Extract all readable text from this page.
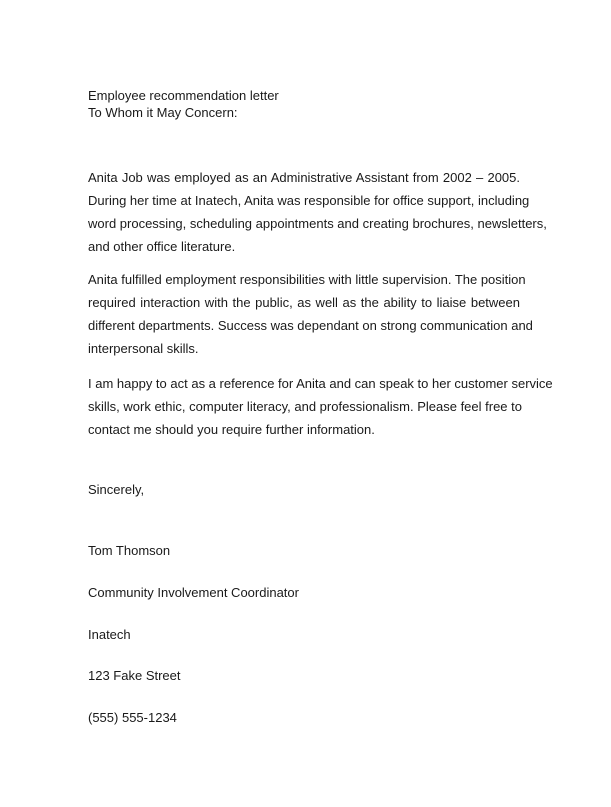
Employee recommendation letter
To Whom it May Concern:
Anita Job was employed as an Administrative Assistant from 2002 – 2005.
During her time at Inatech, Anita was responsible for office support, including
word processing, scheduling appointments and creating brochures, newsletters,
and other office literature.
Anita fulfilled employment responsibilities with little supervision. The position
required interaction with the public, as well as the ability to liaise between
different departments. Success was dependant on strong communication and
interpersonal skills.
I am happy to act as a reference for Anita and can speak to her customer service
skills, work ethic, computer literacy, and professionalism. Please feel free to
contact me should you require further information.
Sincerely,
Tom Thomson
Community Involvement Coordinator
Inatech
123 Fake Street
(555) 555-1234
